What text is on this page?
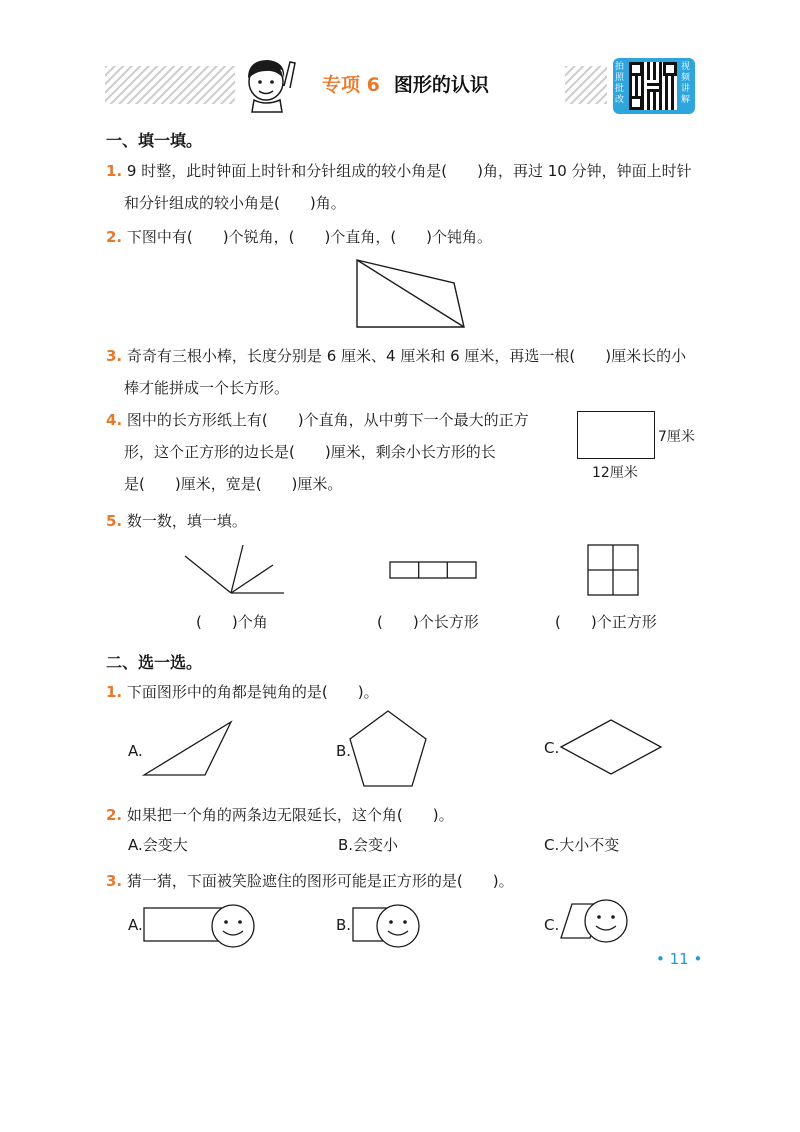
专项 6 图形的认识
拍照批改
视频讲解
一、填一填。
1. 9 时整，此时钟面上时针和分针组成的较小角是(　　)角，再过 10 分钟，钟面上时针
和分针组成的较小角是(　　)角。
2. 下图中有(　　)个锐角，(　　)个直角，(　　)个钝角。
3. 奇奇有三根小棒，长度分别是 6 厘米、4 厘米和 6 厘米，再选一根(　　)厘米长的小
棒才能拼成一个长方形。
4. 图中的长方形纸上有(　　)个直角，从中剪下一个最大的正方
形，这个正方形的边长是(　　)厘米，剩余小长方形的长
是(　　)厘米，宽是(　　)厘米。
7厘米
12厘米
5. 数一数，填一填。
(　　)个角	(　　)个长方形	(　　)个正方形
二、选一选。
1. 下面图形中的角都是钝角的是(　　)。
A.	B.	C.
2. 如果把一个角的两条边无限延长，这个角(　　)。
A.会变大	B.会变小	C.大小不变
3. 猜一猜，下面被笑脸遮住的图形可能是正方形的是(　　)。
A.	B.	C.
• 11 •
